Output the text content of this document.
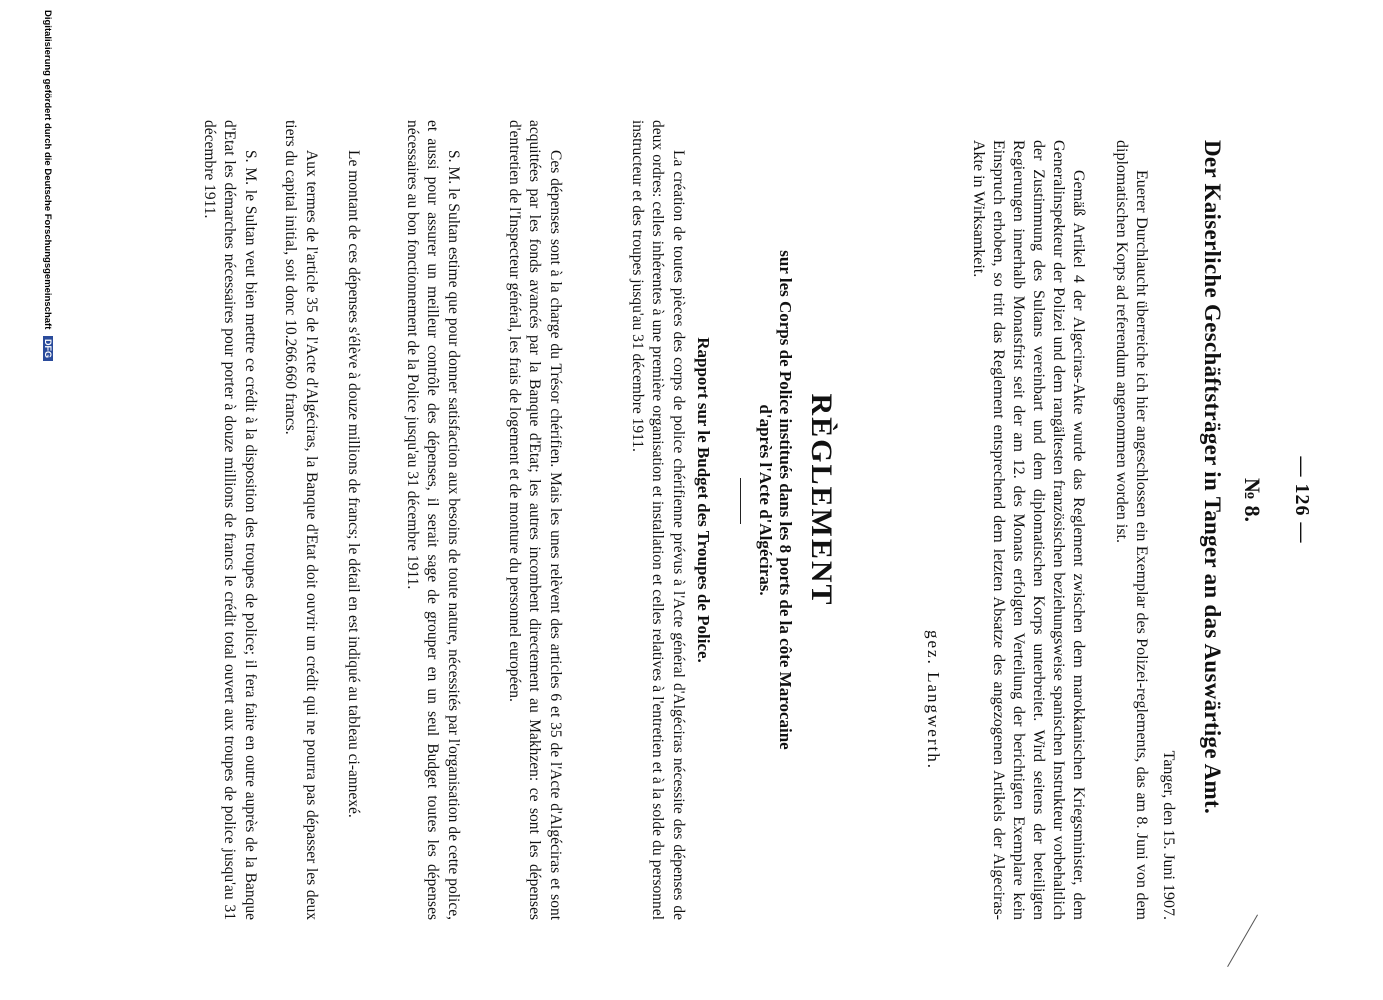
— 126 —
№ 8.
Der Kaiserliche Geschäftsträger in Tanger an das Auswärtige Amt.
Tanger, den 15. Juni 1907.
Euerer Durchlaucht überreiche ich hier angeschlossen ein Exemplar des Polizei-reglements, das am 8. Juni von dem diplomatischen Korps ad referendum angenommen worden ist.
Gemäß Artikel 4 der Algeciras-Akte wurde das Reglement zwischen dem marokkanischen Kriegsminister, dem Generalinspekteur der Polizei und dem rangältesten französischen beziehungsweise spanischen Instrukteur vorbehaltlich der Zustimmung des Sultans vereinbart und dem diplomatischen Korps unterbreitet. Wird seitens der beteiligten Regierungen innerhalb Monatsfrist seit der am 12. des Monats erfolgten Verteilung der berichtigten Exemplare kein Einspruch erhoben, so tritt das Reglement entsprechend dem letzten Absatze des angezogenen Artikels der Algeciras-Akte in Wirksamkeit.
gez. Langwerth.
RÈGLEMENT
sur les Corps de Police institués dans les 8 ports de la côte Marocaine
d'après l'Acte d'Algéciras.
Rapport sur le Budget des Troupes de Police.
La création de toutes pièces des corps de police chérifienne prévus à l'Acte général d'Algéciras nécessite des dépenses de deux ordres: celles inhérentes à une première organisation et installation et celles relatives à l'entretien et à la solde du personnel instructeur et des troupes jusqu'au 31 décembre 1911.
Ces dépenses sont à la charge du Trésor chérifien. Mais les unes relèvent des articles 6 et 35 de l'Acte d'Algéciras et sont acquittées par les fonds avancés par la Banque d'Etat; les autres incombent directement au Makhzen: ce sont les dépenses d'entretien de l'Inspecteur général, les frais de logement et de monture du personnel européen.
S. M. le Sultan estime que pour donner satisfaction aux besoins de toute nature, nécessités par l'organisation de cette police, et aussi pour assurer un meilleur contrôle des dépenses, il serait sage de grouper en un seul Budget toutes les dépenses nécessaires au bon fonctionnement de la Police jusqu'au 31 décembre 1911.
Le montant de ces dépenses s'élève à douze millions de francs; le détail en est indiqué au tableau ci-annexé.
Aux termes de l'article 35 de l'Acte d'Algéciras, la Banque d'Etat doit ouvrir un crédit qui ne pourra pas dépasser les deux tiers du capital initial, soit donc 10.266.660 francs.
S. M. le Sultan veut bien mettre ce crédit à la disposition des troupes de police; il fera faire en outre auprès de la Banque d'Etat les démarches nécessaires pour porter à douze millions de francs le crédit total ouvert aux troupes de police jusqu'au 31 décembre 1911.
Digitalisierung gefördert durch die Deutsche Forschungsgemeinschaft DFG
